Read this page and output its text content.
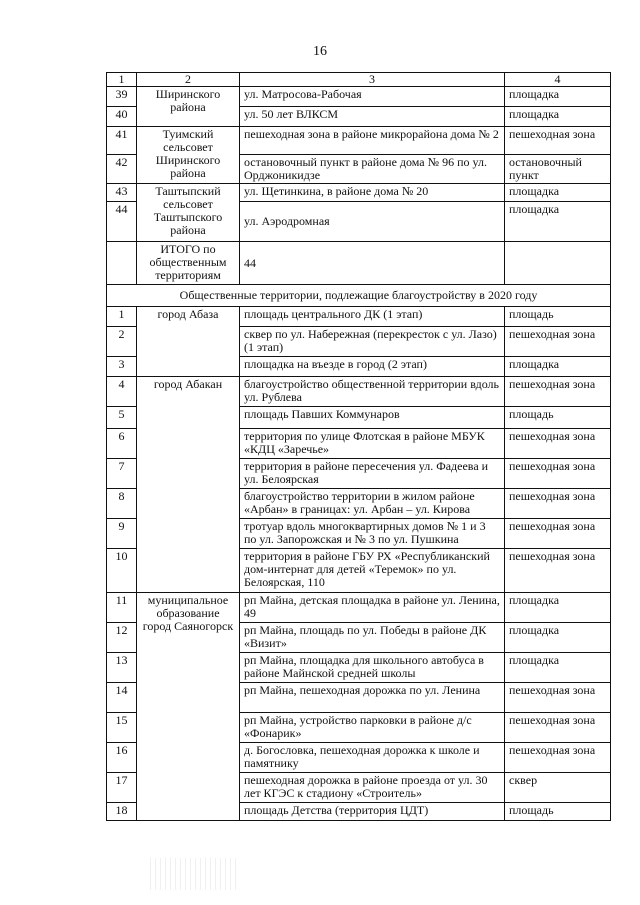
16
1	2	3	4
39	Ширинского района	ул. Матросова-Рабочая	площадка
40		ул. 50 лет ВЛКСМ	площадка
41	Туимский сельсовет Ширинского района	пешеходная зона в районе микрорайона дома № 2	пешеходная зона
42		остановочный пункт в районе дома № 96 по ул. Орджоникидзе	остановочный пункт
43	Таштыпский сельсовет Таштыпского района	ул. Щетинкина, в районе дома № 20	площадка
44		ул. Аэродромная	площадка
	ИТОГО по общественным территориям	44	
Общественные территории, подлежащие благоустройству в 2020 году			
1	город Абаза	площадь центрального ДК (1 этап)	площадь
2		сквер по ул. Набережная (перекресток с ул. Лазо) (1 этап)	пешеходная зона
3		площадка на въезде в город (2 этап)	площадка
4	город Абакан	благоустройство общественной территории вдоль ул. Рублева	пешеходная зона
5		площадь Павших Коммунаров	площадь
6		территория по улице Флотская в районе МБУК «КДЦ «Заречье»	пешеходная зона
7		территория в районе пересечения ул. Фадеева и ул. Белоярская	пешеходная зона
8		благоустройство территории в жилом районе «Арбан» в границах: ул. Арбан – ул. Кирова	пешеходная зона
9		тротуар вдоль многоквартирных домов № 1 и 3 по ул. Запорожская и № 3 по ул. Пушкина	пешеходная зона
10		территория в районе ГБУ РХ «Республиканский дом-интернат для детей «Теремок» по ул. Белоярская, 110	пешеходная зона
11	муниципальное образование город Саяногорск	рп Майна, детская площадка в районе ул. Ленина, 49	площадка
12		рп Майна, площадь по ул. Победы в районе ДК «Визит»	площадка
13		рп Майна, площадка для школьного автобуса в районе Майнской средней школы	площадка
14		рп Майна, пешеходная дорожка по ул. Ленина	пешеходная зона
15		рп Майна, устройство парковки в районе д/с «Фонарик»	пешеходная зона
16		д. Богословка, пешеходная дорожка к школе и памятнику	пешеходная зона
17		пешеходная дорожка в районе проезда от ул. 30 лет КГЭС к стадиону «Строитель»	сквер
18		площадь Детства (территория ЦДТ)	площадь
